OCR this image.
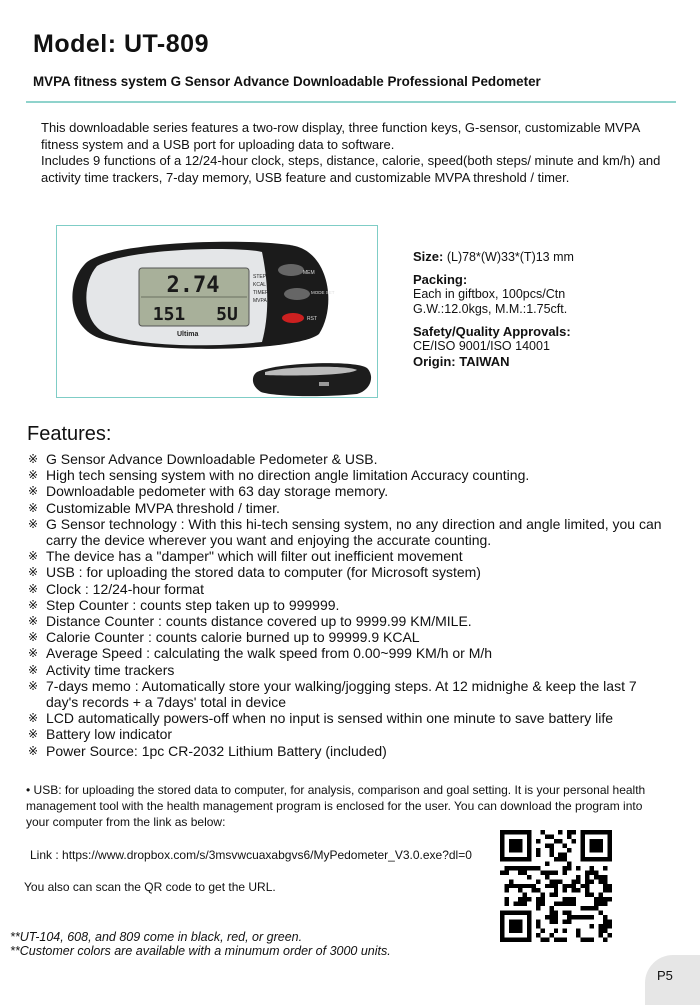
Model: UT-809
MVPA fitness system G Sensor Advance Downloadable Professional Pedometer

This downloadable series features a two-row display, three function keys, G-sensor, customizable MVPA fitness system and a USB port for uploading data to software.

Includes 9 functions of a 12/24-hour clock, steps, distance, calorie, speed(both steps/ minute and km/h) and activity time trackers, 7-day memory, USB feature and customizable MVPA threshold / timer.

2.74
151 5U
STEP
KCAL
TIMER
MVPA
Ultima
MEM
MODE SET
RST
Size: (L)78*(W)33*(T)13 mm
Packing:
Each in giftbox, 100pcs/Ctn
G.W.:12.0kgs, M.M.:1.75cft.
Safety/Quality Approvals:
CE/ISO 9001/ISO 14001
Origin: TAIWAN
Features:
※ G Sensor Advance Downloadable Pedometer & USB.
※ High tech sensing system with no direction angle limitation Accuracy counting.
※ Downloadable pedometer with 63 day storage memory.
※ Customizable MVPA threshold / timer.
※ G Sensor technology : With this hi-tech sensing system, no any direction and angle limited, you can carry the device wherever you want and enjoying the accurate counting.
※ The device has a "damper" which will filter out inefficient movement
※ USB : for uploading the stored data to computer (for Microsoft system)
※ Clock : 12/24-hour format
※ Step Counter : counts step taken up to 999999.
※ Distance Counter : counts distance covered up to 9999.99 KM/MILE.
※ Calorie Counter : counts calorie burned up to 99999.9 KCAL
※ Average Speed : calculating the walk speed from 0.00~999 KM/h or M/h
※ Activity time trackers
※ 7-days memo : Automatically store your walking/jogging steps. At 12 midnighe & keep the last 7 day's records + a 7days' total in device
※ LCD automatically powers-off when no input is sensed within one minute to save battery life
※ Battery low indicator
※ Power Source: 1pc CR-2032 Lithium Battery (included)
• USB: for uploading the stored data to computer, for analysis, comparison and goal setting. It is your personal health management tool with the health management program is enclosed for the user. You can download the program into your computer from the link as below:
Link : https://www.dropbox.com/s/3msvwcuaxabgvs6/MyPedometer_V3.0.exe?dl=0
You also can scan the QR code to get the URL.
**UT-104, 608, and 809 come in black, red, or green.
**Customer colors are available with a minumum order of 3000 units.
P5
